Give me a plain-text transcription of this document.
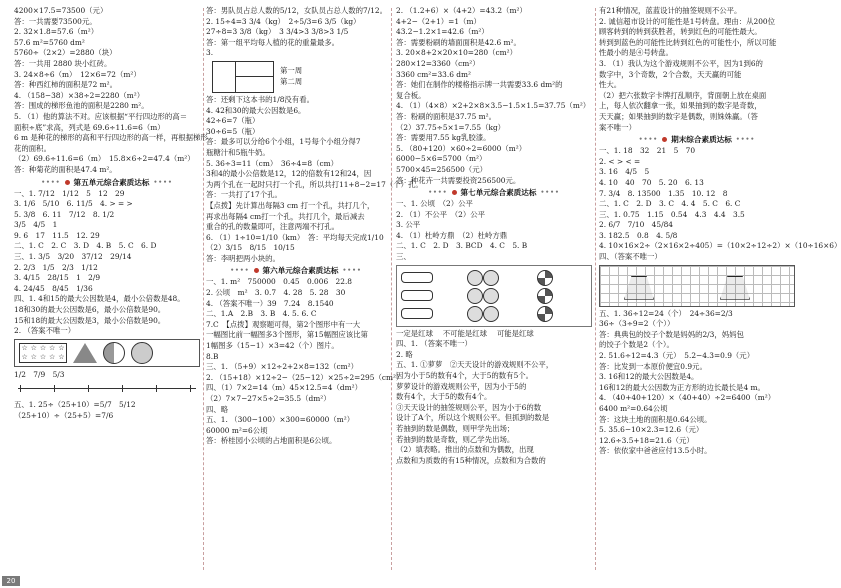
4200×17.5=73500（元）
答：一共需要73500元。
2. 32×1.8=57.6（m²）
57.6 m²=5760 dm²
5760÷（2×2）=2880（块）
答：一共用 2880 块小红砖。
3. 24×8÷6（m）　12×6=72（m²）
答：种西红柿的面积是72 m²。
4. （158−38）×38÷2=2280（m²）
答：围成的梯形鱼池的面积是2280 m²。
5. （1）他的算法不对。应该根据“平行四边形的高＝
面积÷底”求高，列式是 69.6÷11.6=6（m）
6 m 是种花的梯形的高和平行四边形的高一样，再根据梯形
花的面积。
（2）69.6÷11.6=6（m）　15.8×6÷2=47.4（m²）
答：种菊花的面积是47.4 m²。
•••• 第五单元综合素质达标 ••••
一、1. 7/12　1/12　5　12　29
3. 1/6　5/10　6. 11/5　4. > = >
5. 3/8　6. 11　7/12　8. 1/2
3/5　4/5　1
9. 6　17　11.5　12. 29
二、1. C　2. C　3. D　4. B　5. C　6. D
三、1. 3/5　3/20　37/12　29/14
2. 2/3　1/5　2/3　1/12
3. 4/15　28/15　1　2/9
4. 24/45　8/45　1/36
四、1. 4和15的最大公因数是4，最小公倍数是48。
18和30的最大公因数是6，最小公倍数是90。
15和18的最大公因数是3，最小公倍数是90。
2. （答案不唯一）
☆ ☆ ☆ ☆ ☆
☆ ☆ ☆ ☆ ☆
1/2　7/9　5/3
五、1. 25÷（25+10）=5/7　5/12
（25+10）÷（25+5）=7/6
答：男队员占总人数的5/12，女队员占总人数的7/12。
2. 15÷4=3 3/4（kg）　2÷5/3=6 3/5（kg）
27÷8=3 3/8（kg）　3 3/4>3 3/8>3 1/5
答：第一组平均每人植的花的重量最多。
3.
第一周
第二周
答：还剩下这本书的1/8没有看。
4. 42和30的最大公因数是6。
42÷6=7（瓶）
30÷6=5（瓶）
答：最多可以分给6个小组，1号每个小组分得7
瓶糖汁和5瓶牛奶。
5. 36÷3=11（cm）　36÷4=8（cm）
3和4的最小公倍数是12，12的倍数有12和24，因
为两个孔在一起时只打一个孔，所以共打11+8−2=17（个）孔。
答：一共打了17个孔。
【点拨】先计算出每隔3 cm 打一个孔，共打几个，
再求出每隔4 cm打一个孔，共打几个，最后减去
重合的孔的数量即可，注意两端不打孔。
6. （1）1÷10=1/10（km）　答：平均每天完成1/10
（2）3/15　8/15　10/15
答：李明把两小块的。
•••• 第六单元综合素质达标 ••••
一、1. m²　750000　0.45　0.006　22.8
2. 公顷　m²　3. 0.7　4. 28　5. 28　30
4. （答案不唯一）39　7.24　8.1540
二、1.A　2.B　3. B　4. 5. 6. C
7.C　【点拨】观察题可得，第2个图形中有一大
一幅图比前一幅图多3个图形，第15幅图应该比第
1幅图多（15−1）×3=42（个）图片。
8.B
三、1. （5+9）×12÷2+2×8=132（cm²）
2. （15+18）×12÷2−（25−12）×25÷2=295（cm²）
四、（1）7×2=14（m）45×12.5=4（dm²）
（2）7×7−27×5÷2=35.5（dm²）
四、略
五、1. （300−100）×300=60000（m²）
60000 m²=6公顷
答：桥桂园小公顷的占地面积是6公顷。
2. （1.2+6）×（4+2）=43.2（m²）
4+2−（2+1）=1（m）
43.2−1.2×1=42.6（m²）
答：需要粉刷的墙面面积是42.6 m²。
3. 20×8+2×20×10=280（cm²）
280×12=3360（cm²）
3360 cm²=33.6 dm²
答：她们在制作的楼格指示牌一共需要33.6 dm²的
复合板。
4. （1）（4×8）×2+2×8×3.5−1.5×1.5=37.75（m²）
答：粉刷的面积是37.75 m²。
（2）37.75÷5×1=7.55（kg）
答：需要用7.55 kg乳胶漆。
5. （80+120）×60÷2=6000（m²）
6000−5×6=5700（m²）
5700×45=256500（元）
答：种花卉一共需要投资256500元。
•••• 第七单元综合素质达标 ••••
一、1. 公顷　（2）公平
2. （1）不公平　（2）公平
3. 公平
4. （1）杜岭方鼎　（2）杜岭方鼎
二、1. C　2. D　3. BCD　4. C　5. B
三、
一定是红球　 不可能是红球　 可能是红球
四、1. （答案不唯一）
2. 略
五、1. ①萝萝　②天天设计的游戏规则不公平，
因为小于5的数有4个，大于5的数有5个。
萝萝设计的游戏规则公平，因为小于5的
数有4个，大于5的数有4个。
③天天设计的抽签规则公平，因为小于6的数
设计了A个，所以这个规则公平。但抓到的数是
若抽到的数是偶数，则甲学先出场；
若抽到的数是奇数，则乙学先出场。
（2）填表略。推出的点数和为偶数，出现
点数和为质数的有15种情况，点数和为合数的
有21种情况，蓝蓝设计的抽签规则不公平。
2. 诚信超市设计的可能性是1号转盘。理由：从200位
顾客转到的转到获胜者，转到红色的可能性最大。
转到到蓝色的可能性比转到红色的可能性小，所以可能
性最小的是④号转盘。
3. （1）我认为这个游戏规则不公平，因为1到6的
数字中，3个奇数，2个合数，天天赢的可能
性大。
（2）把六张数字卡牌打乱顺序，背面朝上放在桌面
上，每人依次翻拿一张，如果抽到的数字是奇数，
天天赢；如果抽到的数字是偶数，则姝姝赢。（答
案不唯一）
•••• 期末综合素质达标 ••••
一、1. 18　32　21　5　70
2. < > < =
3. 16　4/5　5
4. 10　40　70　5. 20　6. 13
7. 3/4　8. 13500　1.35　10. 12　8
二、1. C　2. D　3. C　4. 4　5. C　6. C
三、1. 0.75　1.15　0.54　4.3　4.4　3.5
2. 6/7　7/10　45/84
3. 182.5　0.8　4. 5/8
4. 10×16×2÷（2×16×2÷405）=（10×2÷12÷2）×（10÷16×6）
四、（答案不唯一）
五、1. 36÷12=24（个）　24÷36=2/3
36÷（3÷9=2（个））
答：典典包的饺子个数是妈妈的2/3，妈妈包
的饺子个数是2（个）。
2. 51.6÷12=4.3（元）　5.2−4.3=0.9（元）
答：比发到一本原价便宜0.9元。
3. 16和12的最大公因数是4。
16和12的最大公因数为正方形的边长最长是4 m。
4. （40+40+120）×（40+40）÷2=6400（m²）
6400 m²=0.64公顷
答：这块土地的面积是0.64公顷。
5. 35.6−10×2.3=12.6（元）
12.6÷3.5+18=21.6（元）
答：依依家中爸爸应付13.5小时。
20
